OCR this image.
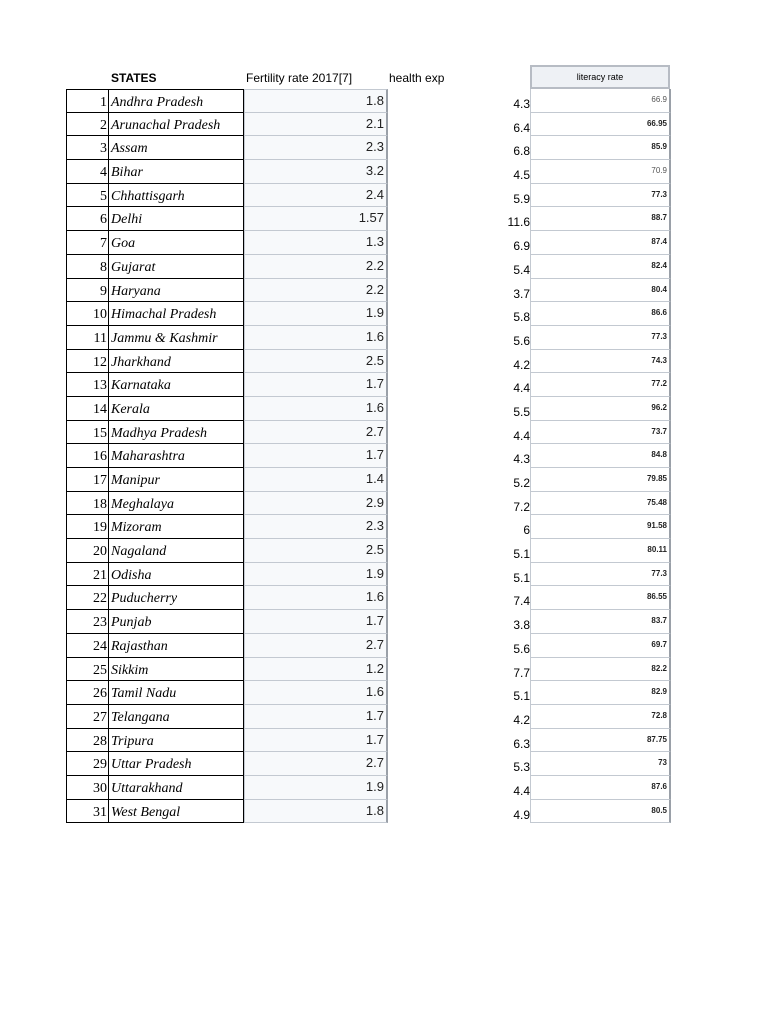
STATES	Fertility rate 2017[7]	health exp	literacy rate
1 Andhra Pradesh	1.8	4.3	66.9
2 Arunachal Pradesh	2.1	6.4	66.95
3 Assam	2.3	6.8	85.9
4 Bihar	3.2	4.5	70.9
5 Chhattisgarh	2.4	5.9	77.3
6 Delhi	1.57	11.6	88.7
7 Goa	1.3	6.9	87.4
8 Gujarat	2.2	5.4	82.4
9 Haryana	2.2	3.7	80.4
10 Himachal Pradesh	1.9	5.8	86.6
11 Jammu & Kashmir	1.6	5.6	77.3
12 Jharkhand	2.5	4.2	74.3
13 Karnataka	1.7	4.4	77.2
14 Kerala	1.6	5.5	96.2
15 Madhya Pradesh	2.7	4.4	73.7
16 Maharashtra	1.7	4.3	84.8
17 Manipur	1.4	5.2	79.85
18 Meghalaya	2.9	7.2	75.48
19 Mizoram	2.3	6	91.58
20 Nagaland	2.5	5.1	80.11
21 Odisha	1.9	5.1	77.3
22 Puducherry	1.6	7.4	86.55
23 Punjab	1.7	3.8	83.7
24 Rajasthan	2.7	5.6	69.7
25 Sikkim	1.2	7.7	82.2
26 Tamil Nadu	1.6	5.1	82.9
27 Telangana	1.7	4.2	72.8
28 Tripura	1.7	6.3	87.75
29 Uttar Pradesh	2.7	5.3	73
30 Uttarakhand	1.9	4.4	87.6
31 West Bengal	1.8	4.9	80.5
